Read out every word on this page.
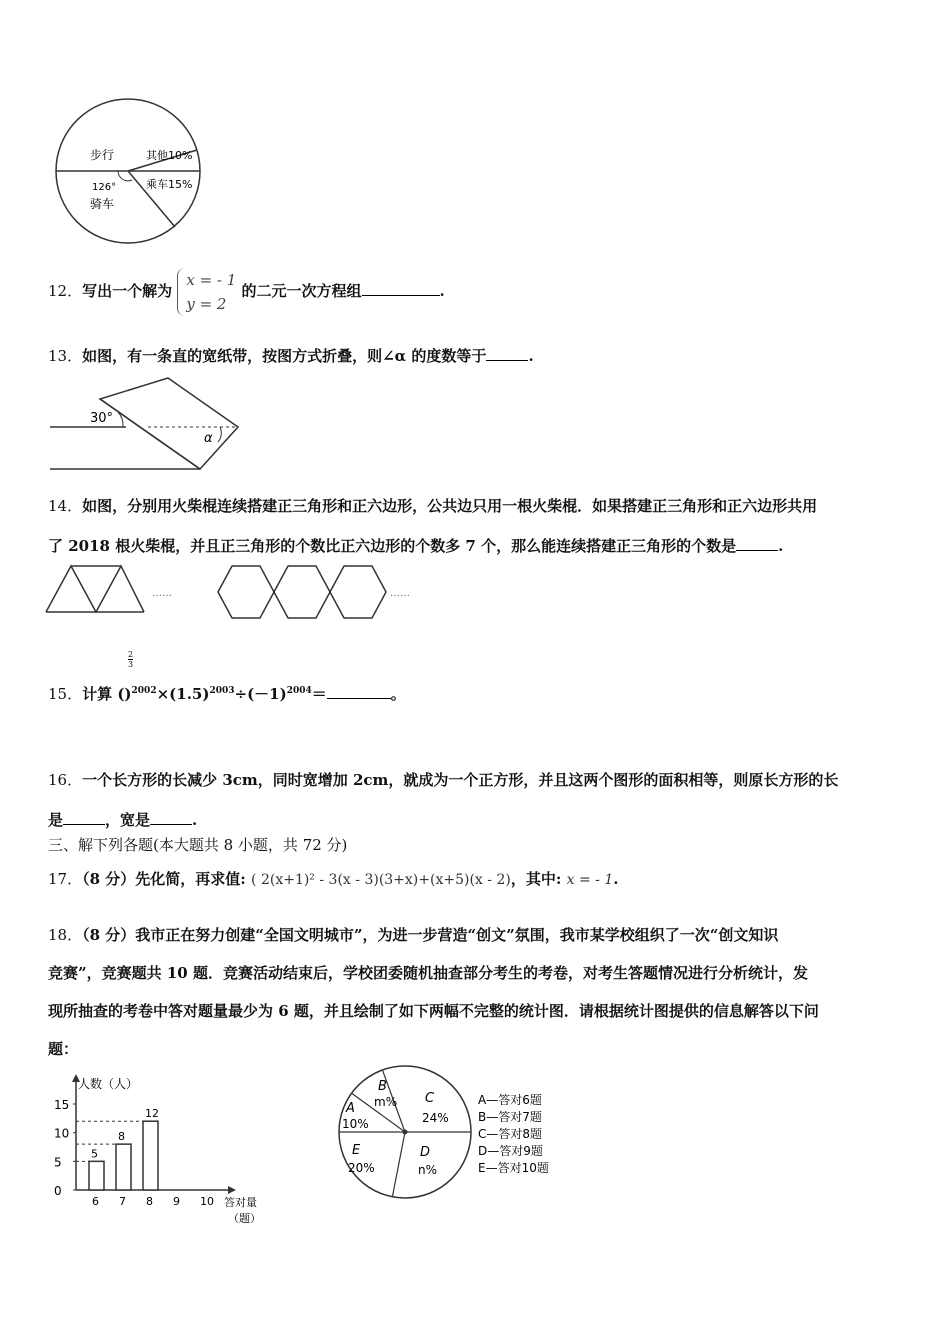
步行	其他10%
126°
骑车
乘车15%
12．写出一个解为 x = - 1
y = 2 的二元一次方程组	.
13．如图，有一条直的宽纸带，按图方式折叠，则∠α 的度数等于	.
30°
α
14．如图，分别用火柴棍连续搭建正三角形和正六边形，公共边只用一根火柴棍．如果搭建正三角形和正六边形共用
了 2018 根火柴棍，并且正三角形的个数比正六边形的个数多 7 个，那么能连续搭建正三角形的个数是	.
……	……
15．计算 (
2
3
)$^{2002}\times(1.5)^{2003}\div(-1)^{2004}=$	。
16．一个长方形的长减少 3cm，同时宽增加 2cm，就成为一个正方形，并且这两个图形的面积相等，则原长方形的长
是	，宽是	.
三、解下列各题(本大题共 8 小题，共 72 分)
17．（8 分）先化简，再求值: ( 2(x+1)² - 3(x - 3)(3+x)+(x+5)(x - 2)，其中: x = - 1.
18．（8 分）我市正在努力创建“全国文明城市”，为进一步营造“创文”氛围，我市某学校组织了一次“创文知识
竞赛”，竞赛题共 10 题．竞赛活动结束后，学校团委随机抽查部分考生的考卷，对考生答题情况进行分析统计，发
现所抽查的考卷中答对题量最少为 6 题，并且绘制了如下两幅不完整的统计图．请根据统计图提供的信息解答以下问
题：
人数（人）
答对量
（题）
0
5
10
15
6
5
7
8
8
12
9 10
A
10%
B
m% C
24%
D
n%
E
20%
A—答对6题
B—答对7题
C—答对8题
D—答对9题
E—答对10题
